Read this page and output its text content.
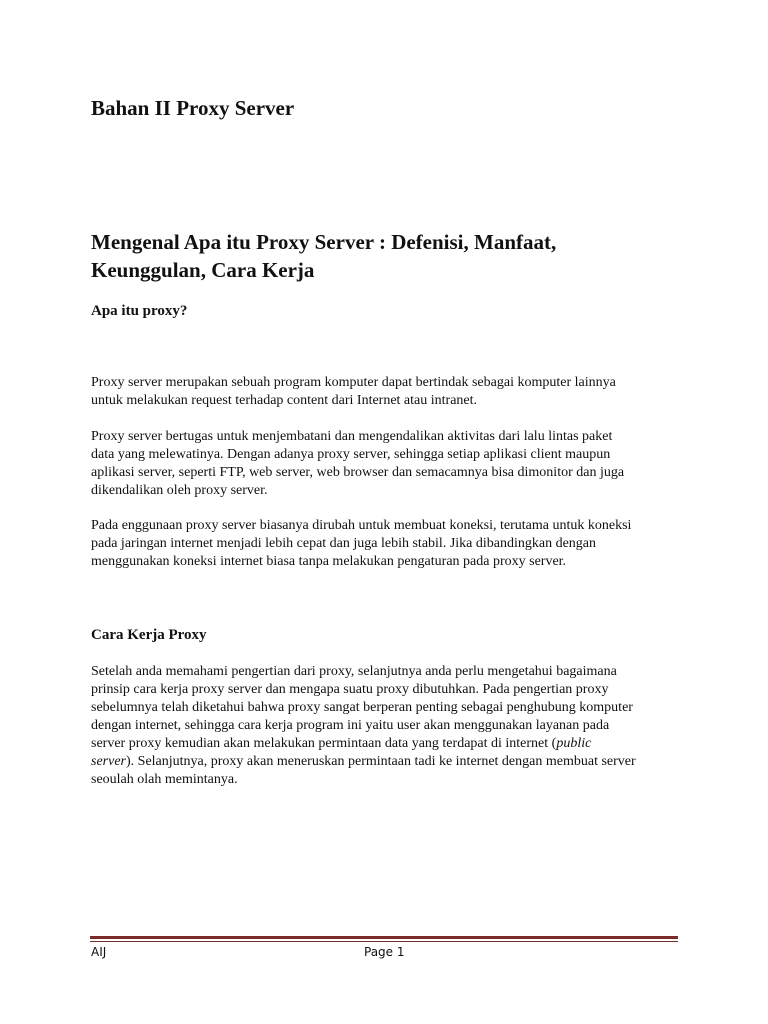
Bahan II Proxy Server
Mengenal Apa itu Proxy Server : Defenisi, Manfaat,
Keunggulan, Cara Kerja
Apa itu proxy?

Proxy server merupakan sebuah program komputer dapat bertindak sebagai komputer lainnya
untuk melakukan request terhadap content dari Internet atau intranet.

Proxy server bertugas untuk menjembatani dan mengendalikan aktivitas dari lalu lintas paket
data yang melewatinya. Dengan adanya proxy server, sehingga setiap aplikasi client maupun
aplikasi server, seperti FTP, web server, web browser dan semacamnya bisa dimonitor dan juga
dikendalikan oleh proxy server.

Pada enggunaan proxy server biasanya dirubah untuk membuat koneksi, terutama untuk koneksi
pada jaringan internet menjadi lebih cepat dan juga lebih stabil. Jika dibandingkan dengan
menggunakan koneksi internet biasa tanpa melakukan pengaturan pada proxy server.

Cara Kerja Proxy

Setelah anda memahami pengertian dari proxy, selanjutnya anda perlu mengetahui bagaimana
prinsip cara kerja proxy server dan mengapa suatu proxy dibutuhkan. Pada pengertian proxy
sebelumnya telah diketahui bahwa proxy sangat berperan penting sebagai penghubung komputer
dengan internet, sehingga cara kerja program ini yaitu user akan menggunakan layanan pada
server proxy kemudian akan melakukan permintaan data yang terdapat di internet (public
server). Selanjutnya, proxy akan meneruskan permintaan tadi ke internet dengan membuat server
seoulah olah memintanya.

AIJ	Page 1
